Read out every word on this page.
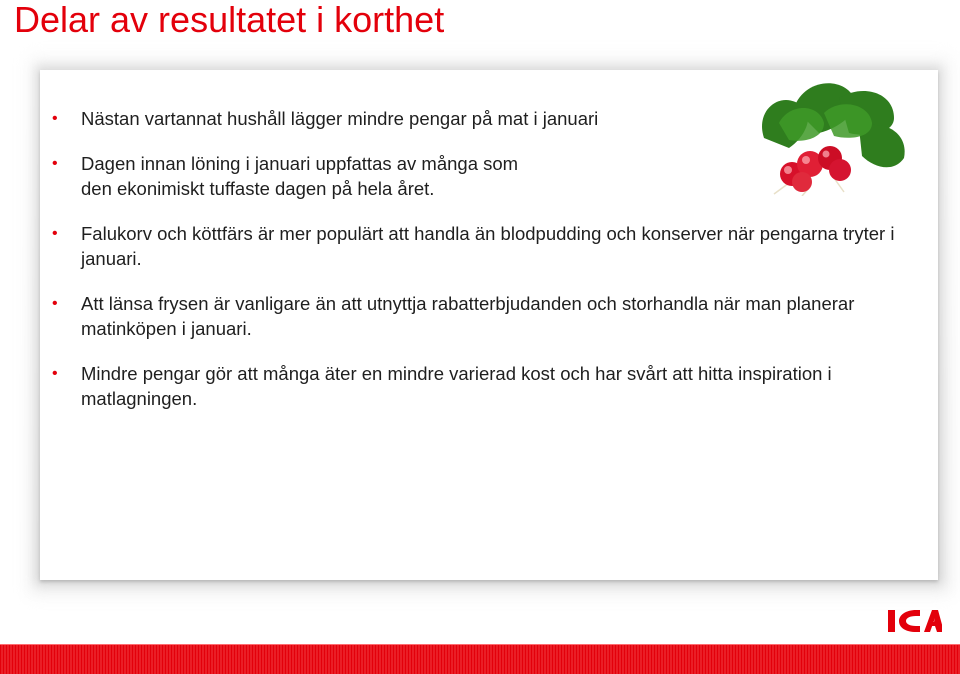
Delar av resultatet i korthet
• Nästan vartannat hushåll lägger mindre pengar på mat i januari
• Dagen innan löning i januari uppfattas av många som den ekonimiskt tuffaste dagen på hela året.
• Falukorv och köttfärs är mer populärt att handla än blodpudding och konserver när pengarna tryter i januari.
• Att länsa frysen är vanligare än att utnyttja rabatterbjudanden och storhandla när man planerar matinköpen i januari.
• Mindre pengar gör att många äter en mindre varierad kost och har svårt att hitta inspiration i matlagningen.
